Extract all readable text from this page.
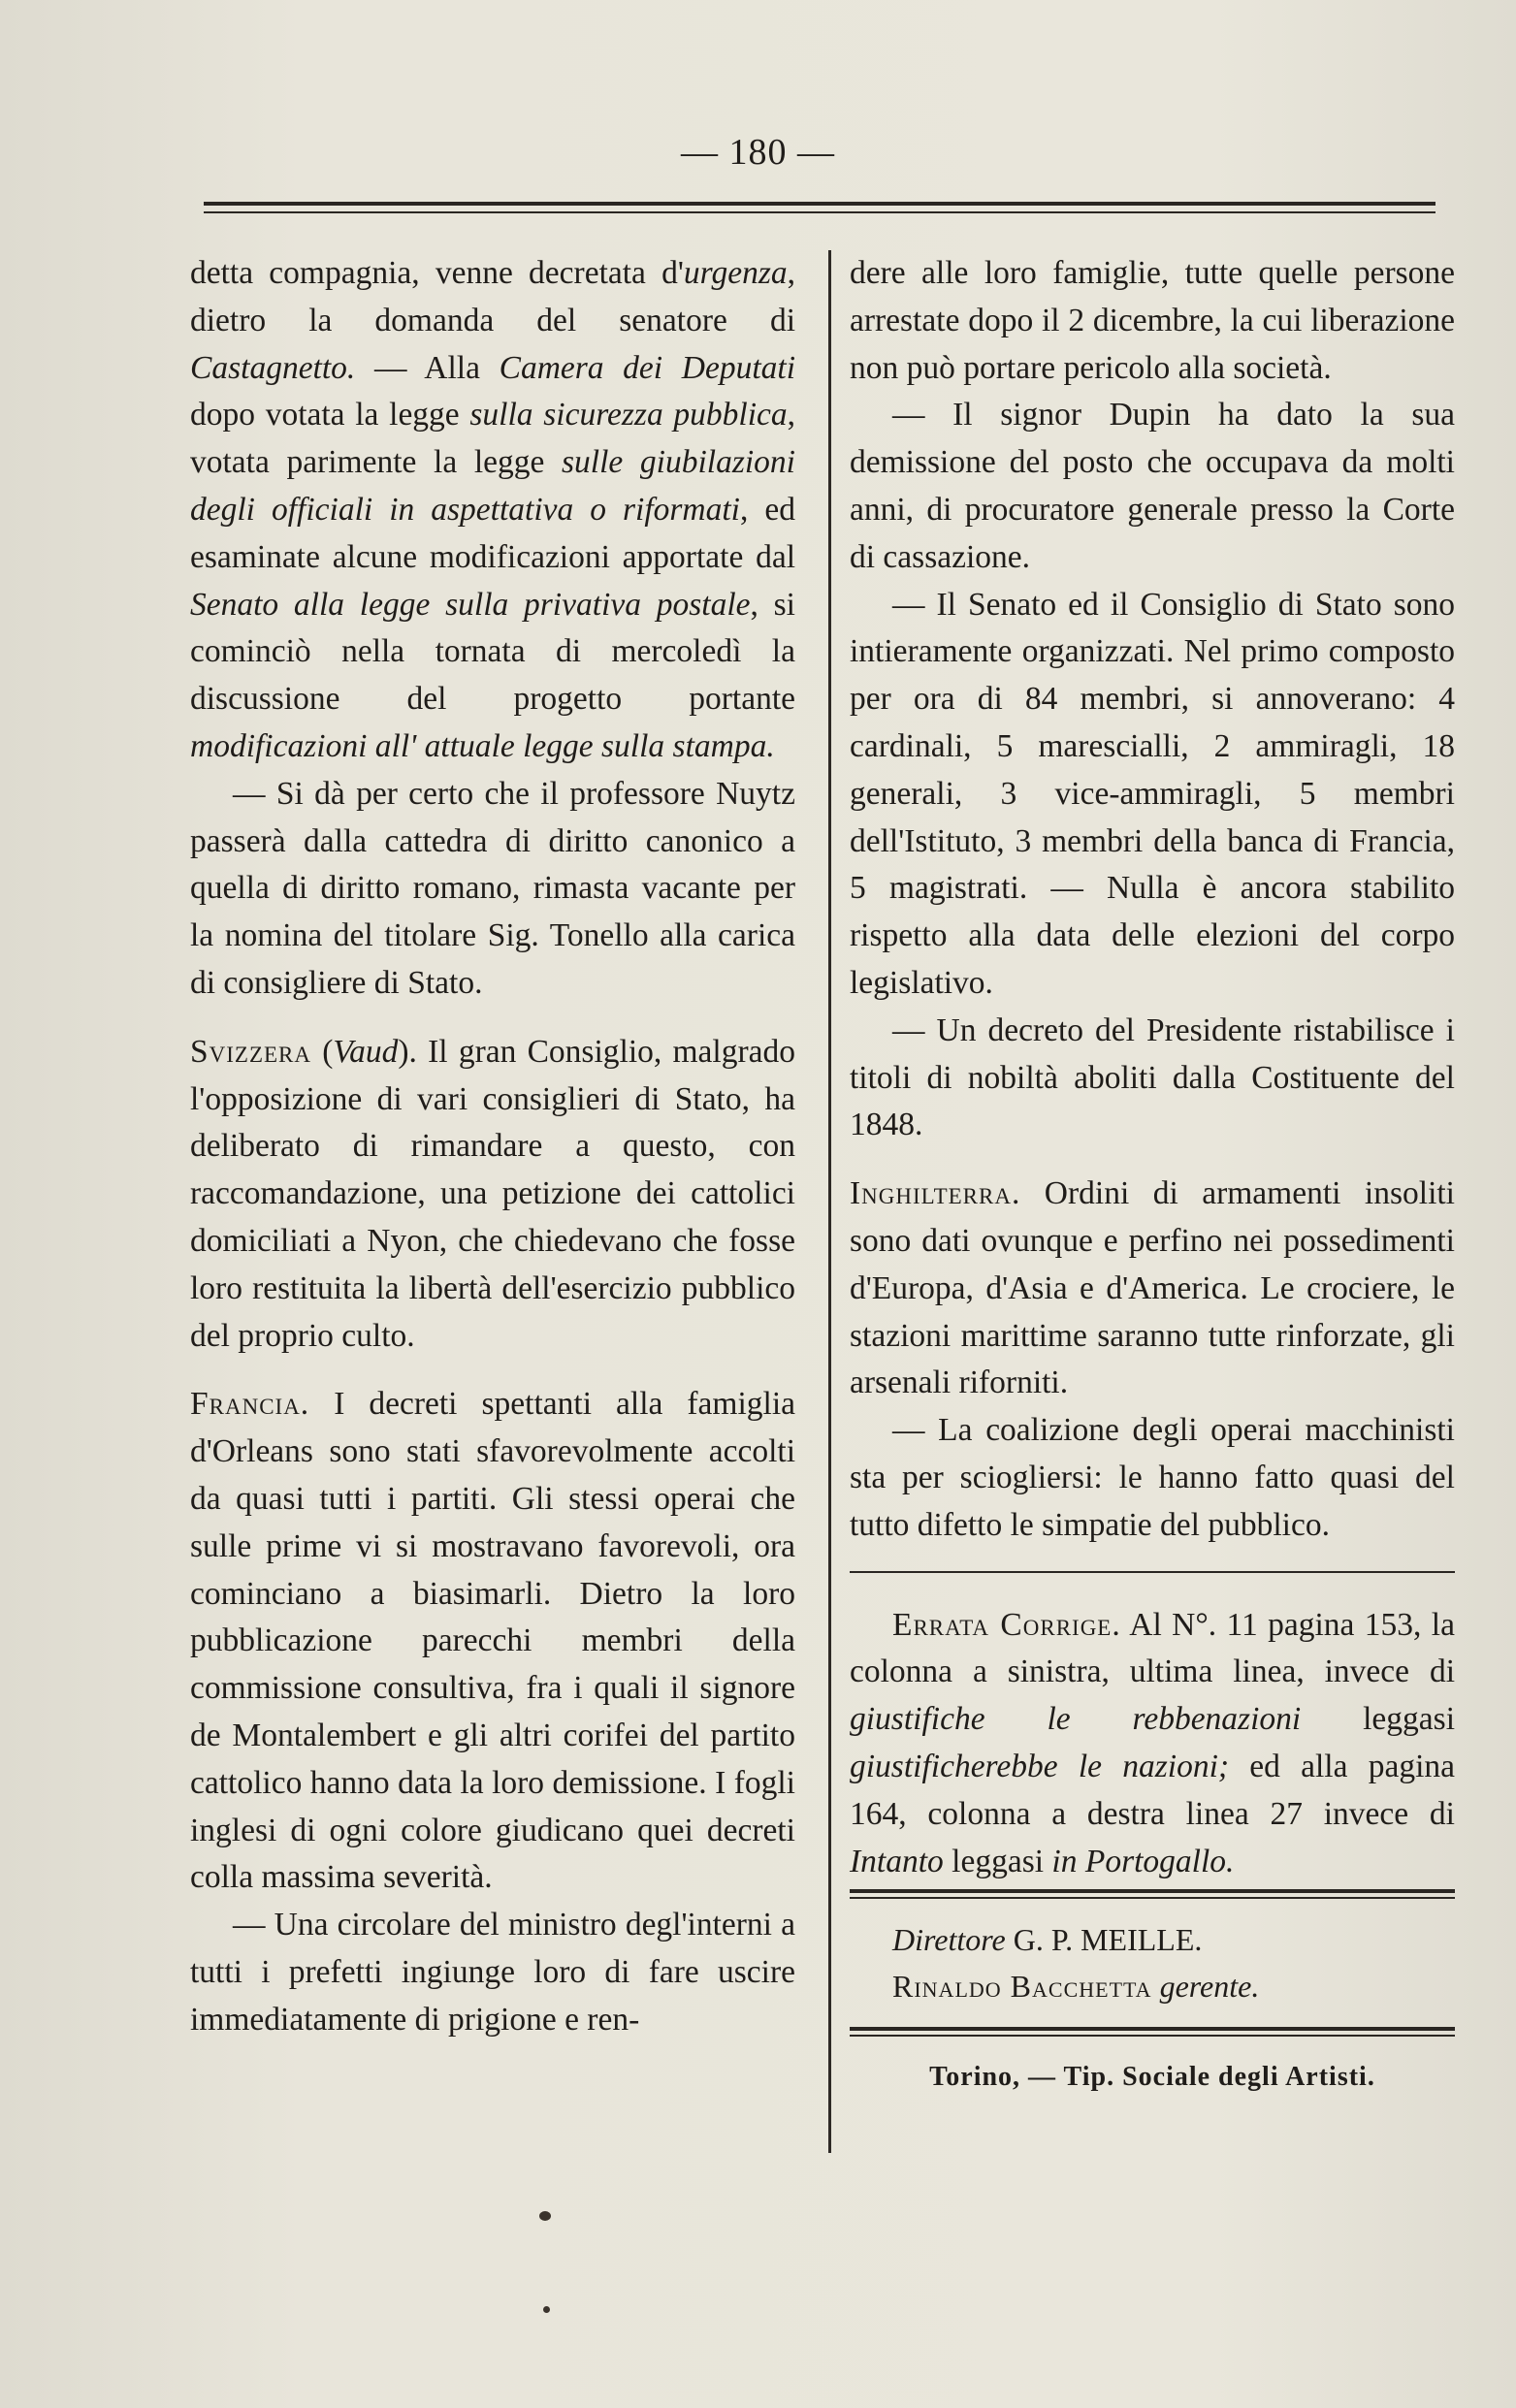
— 180 —

detta compagnia, venne decretata d'urgenza, dietro la domanda del senatore di Castagnetto. — Alla Camera dei Deputati dopo votata la legge sulla sicurezza pubblica, votata parimente la legge sulle giubilazioni degli officiali in aspettativa o riformati, ed esaminate alcune modificazioni apportate dal Senato alla legge sulla privativa postale, si cominciò nella tornata di mercoledì la discussione del progetto portante modificazioni all' attuale legge sulla stampa.

— Si dà per certo che il professore Nuytz passerà dalla cattedra di diritto canonico a quella di diritto romano, rimasta vacante per la nomina del titolare Sig. Tonello alla carica di consigliere di Stato.

Svizzera (Vaud). Il gran Consiglio, malgrado l'opposizione di vari consiglieri di Stato, ha deliberato di rimandare a questo, con raccomandazione, una petizione dei cattolici domiciliati a Nyon, che chiedevano che fosse loro restituita la libertà dell'esercizio pubblico del proprio culto.

Francia. I decreti spettanti alla famiglia d'Orleans sono stati sfavorevolmente accolti da quasi tutti i partiti. Gli stessi operai che sulle prime vi si mostravano favorevoli, ora cominciano a biasimarli. Dietro la loro pubblicazione parecchi membri della commissione consultiva, fra i quali il signore de Montalembert e gli altri corifei del partito cattolico hanno data la loro demissione. I fogli inglesi di ogni colore giudicano quei decreti colla massima severità.

— Una circolare del ministro degl'interni a tutti i prefetti ingiunge loro di fare uscire immediatamente di prigione e ren-

dere alle loro famiglie, tutte quelle persone arrestate dopo il 2 dicembre, la cui liberazione non può portare pericolo alla società.

— Il signor Dupin ha dato la sua demissione del posto che occupava da molti anni, di procuratore generale presso la Corte di cassazione.

— Il Senato ed il Consiglio di Stato sono intieramente organizzati. Nel primo composto per ora di 84 membri, si annoverano: 4 cardinali, 5 marescialli, 2 ammiragli, 18 generali, 3 vice-ammiragli, 5 membri dell'Istituto, 3 membri della banca di Francia, 5 magistrati. — Nulla è ancora stabilito rispetto alla data delle elezioni del corpo legislativo.

— Un decreto del Presidente ristabilisce i titoli di nobiltà aboliti dalla Costituente del 1848.

Inghilterra. Ordini di armamenti insoliti sono dati ovunque e perfino nei possedimenti d'Europa, d'Asia e d'America. Le crociere, le stazioni marittime saranno tutte rinforzate, gli arsenali riforniti.

— La coalizione degli operai macchinisti sta per sciogliersi: le hanno fatto quasi del tutto difetto le simpatie del pubblico.

Errata Corrige. Al N°. 11 pagina 153, la colonna a sinistra, ultima linea, invece di giustifiche le rebbenazioni leggasi giustificherebbe le nazioni; ed alla pagina 164, colonna a destra linea 27 invece di Intanto leggasi in Portogallo.

Direttore G. P. MEILLE.
Rinaldo Bacchetta gerente.
Torino, — Tip. Sociale degli Artisti.
